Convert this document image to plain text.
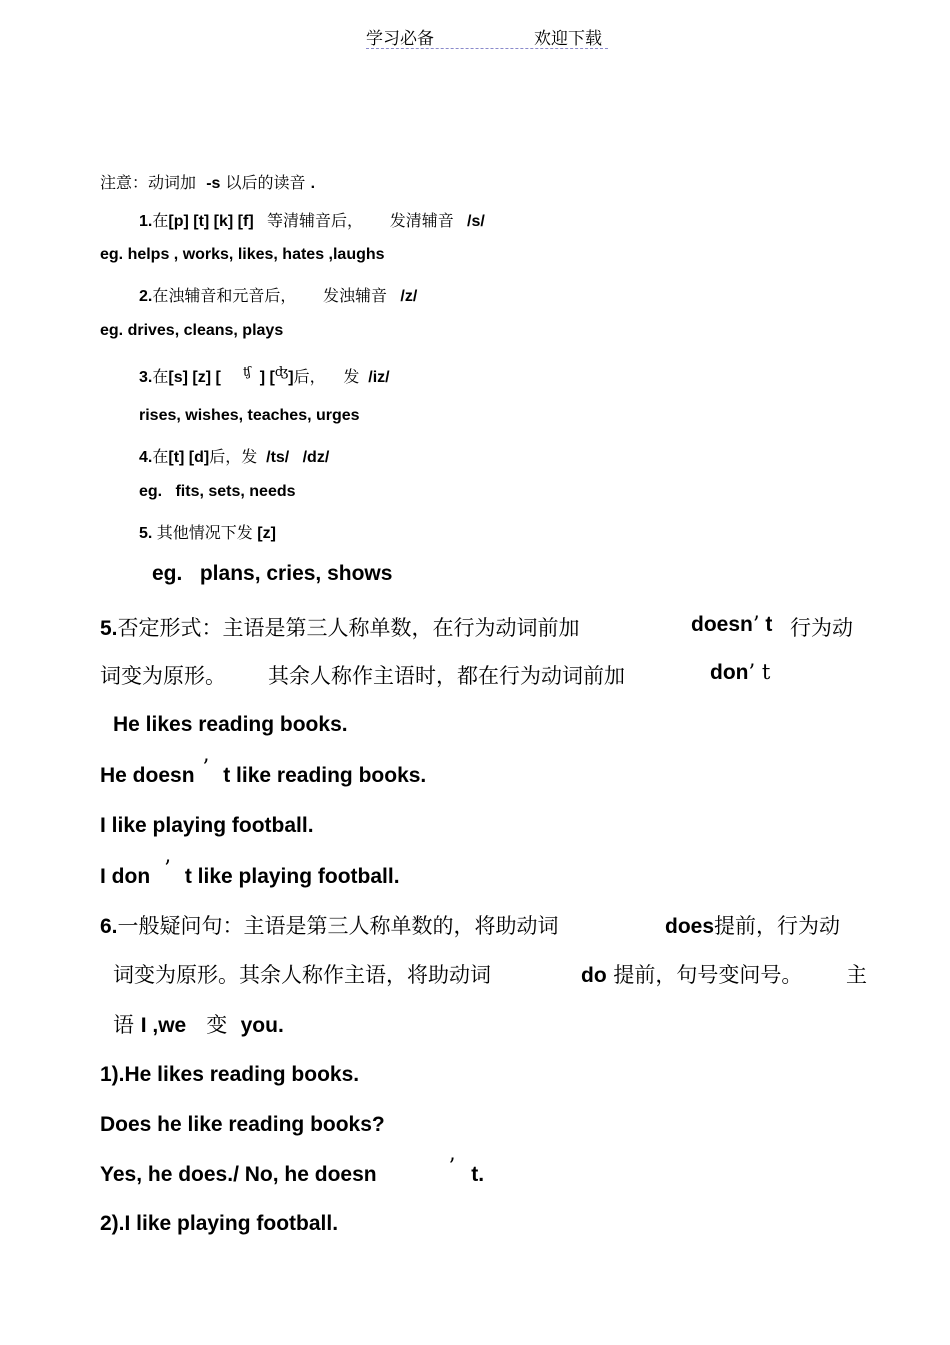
学习必备	欢迎下载
注意：动词加 -s 以后的读音 .
1.在[p] [t] [k] [f] 等清辅音后， 发清辅音 /s/
eg. helps , works, likes, hates ,laughs
2.在浊辅音和元音后， 发浊辅音 /z/
eg. drives, cleans, plays
3.在[s] [z] [ $^ʧ$ ] [$^ʤ$]后， 发 /iz/
rises, wishes, teaches, urges
4.在[t] [d]后，发 /ts/ /dz/
eg. fits, sets, needs
5. 其他情况下发 [z]
eg. plans, cries, shows
5.否定形式：主语是第三人称单数，在行为动词前加	doesn’ t 行为动
词变为原形。 其余人称作主语时，都在行为动词前加	don’ t
He likes reading books.
He doesn ’ t like reading books.
I like playing football.
I don ’ t like playing football.
6.一般疑问句：主语是第三人称单数的，将助动词	does提前，行为动
词变为原形。其余人称作主语，将助动词	do 提前，句号变问号。 主
语 I ,we 变 you.
1).He likes reading books.
Does he like reading books?
Yes, he does./ No, he doesn	’ t.
2).I like playing football.
